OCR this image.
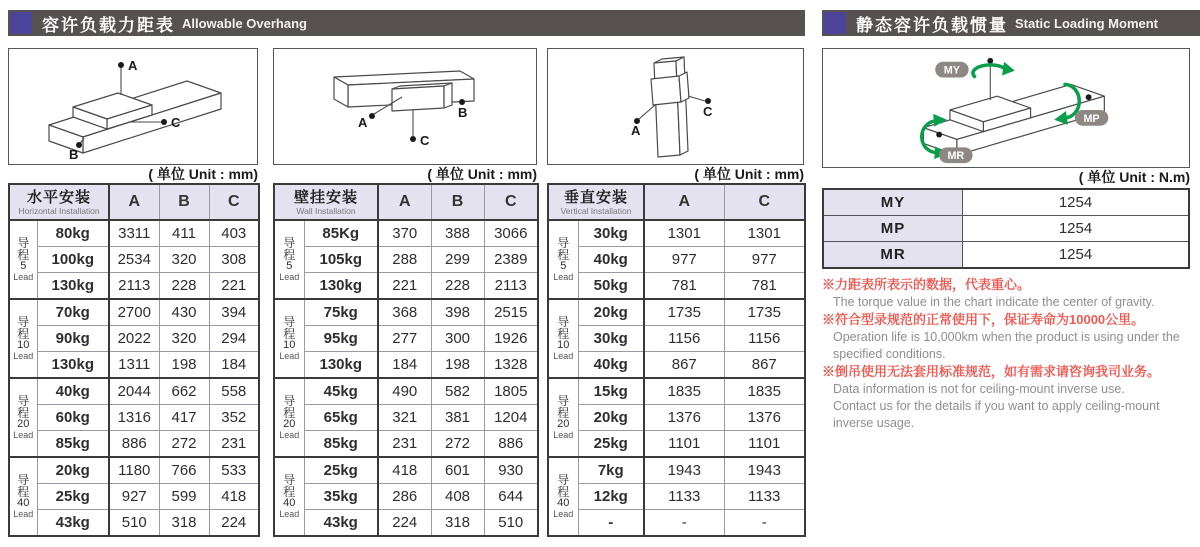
容许负载力距表 Allowable Overhang
A
B
C
( 单位 Unit : mm)
水平安装
Horizontal Installation		A	B	C

导
程
5
Lead	80kg	3311	411	403
	100kg	2534	320	308
	130kg	2113	228	221

导
程
10
Lead	70kg	2700	430	394
	90kg	2022	320	294
	130kg	1311	198	184

导
程
20
Lead	40kg	2044	662	558
	60kg	1316	417	352
	85kg	886	272	231

导
程
40
Lead	20kg	1180	766	533
	25kg	927	599	418
	43kg	510	318	224
A
B
C
( 单位 Unit : mm)
壁挂安装
Wall Installation		A	B	C

导
程
5
Lead	85Kg	370	388	3066
	105kg	288	299	2389
	130kg	221	228	2113

导
程
10
Lead	75kg	368	398	2515
	95kg	277	300	1926
	130kg	184	198	1328

导
程
20
Lead	45kg	490	582	1805
	65kg	321	381	1204
	85kg	231	272	886

导
程
40
Lead	25kg	418	601	930
	35kg	286	408	644
	43kg	224	318	510
A
C
( 单位 Unit : mm)
垂直安装
Vertical Installation		A	C

导
程
5
Lead	30kg	1301	1301
	40kg	977	977
	50kg	781	781

导
程
10
Lead	20kg	1735	1735
	30kg	1156	1156
	40kg	867	867

导
程
20
Lead	15kg	1835	1835
	20kg	1376	1376
	25kg	1101	1101

导
程
40
Lead	7kg	1943	1943
	12kg	1133	1133
	-	-	-
静态容许负载惯量 Static Loading Moment
MY
MP
MR
( 单位 Unit : N.m)
MY	1254
MP	1254
MR	1254
※力距表所表示的数据，代表重心。
The torque value in the chart indicate the center of gravity.
※符合型录规范的正常使用下，保证寿命为10000公里。
Operation life is 10,000km when the product is using under the
specified conditions.
※倒吊使用无法套用标准规范，如有需求请咨询我司业务。
Data information is not for ceiling-mount inverse use.
Contact us for the details if you want to apply ceiling-mount
inverse usage.
